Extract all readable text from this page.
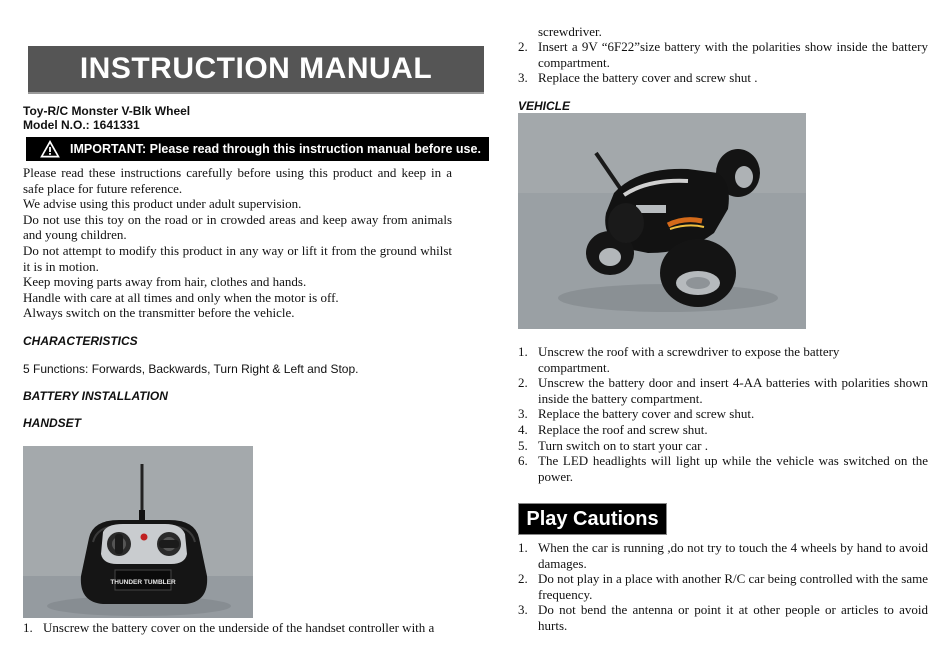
INSTRUCTION MANUAL
Toy-R/C Monster V-Blk Wheel
Model N.O.: 1641331
IMPORTANT: Please read through this instruction manual before use.

Please read these instructions carefully before using this product and keep in a safe place for future reference.

We advise using this product under adult supervision.

Do not use this toy on the road or in crowded areas and keep away from animals and young children.

Do not attempt to modify this product in any way or lift it from the ground whilst it is in motion.

Keep moving parts away from hair, clothes and hands.

Handle with care at all times and only when the motor is off.

Always switch on the transmitter before the vehicle.

CHARACTERISTICS
5 Functions: Forwards, Backwards, Turn Right & Left and Stop.
BATTERY INSTALLATION
HANDSET
THUNDER TUMBLER
1. Unscrew the battery cover on the underside of the handset controller with a
screwdriver.
2. Insert a 9V “6F22”size battery with the polarities show inside the battery compartment.
3. Replace the battery cover and screw shut .
VEHICLE
1. Unscrew the roof with a screwdriver to expose the battery compartment.
2. Unscrew the battery door and insert 4-AA batteries with polarities shown inside the battery compartment.
3. Replace the battery cover and screw shut.
4. Replace the roof and screw shut.
5. Turn switch on to start your car .
6. The LED headlights will light up while the vehicle was switched on the power.
Play Cautions
1. When the car is running ,do not try to touch the 4 wheels by hand to avoid damages.
2. Do not play in a place with another R/C car being controlled with the same frequency.
3. Do not bend the antenna or point it at other people or articles to avoid hurts.
